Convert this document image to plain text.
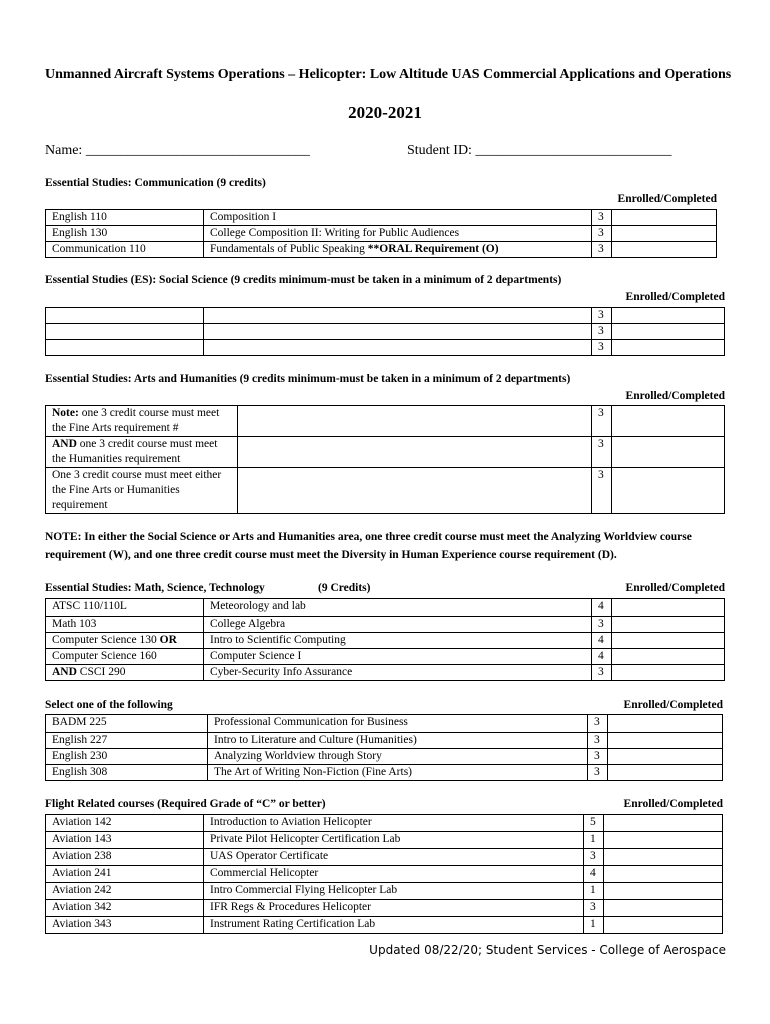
Unmanned Aircraft Systems Operations – Helicopter: Low Altitude UAS Commercial Applications and Operations
2020-2021
Name: ________________________________	Student ID: ____________________________
Essential Studies: Communication (9 credits)
Enrolled/Completed
English 110	Composition I	3	
English 130	College Composition II: Writing for Public Audiences	3	
Communication 110	Fundamentals of Public Speaking **ORAL Requirement (O)	3	
Essential Studies (ES): Social Science (9 credits minimum-must be taken in a minimum of 2 departments)
Enrolled/Completed
		3	
		3	
		3	
Essential Studies: Arts and Humanities (9 credits minimum-must be taken in a minimum of 2 departments)
Enrolled/Completed
Note: one 3 credit course must meet the Fine Arts requirement #		3	
AND one 3 credit course must meet the Humanities requirement		3	
One 3 credit course must meet either the Fine Arts or Humanities requirement		3	
NOTE: In either the Social Science or Arts and Humanities area, one three credit course must meet the Analyzing Worldview course requirement (W), and one three credit course must meet the Diversity in Human Experience course requirement (D).
Essential Studies: Math, Science, Technology	(9 Credits)	Enrolled/Completed
ATSC 110/110L	Meteorology and lab	4	
Math 103	College Algebra	3	
Computer Science 130 OR	Intro to Scientific Computing	4	
Computer Science 160	Computer Science I	4	
AND CSCI 290	Cyber-Security Info Assurance	3	
Select one of the following	Enrolled/Completed
BADM 225	Professional Communication for Business	3	
English 227	Intro to Literature and Culture (Humanities)	3	
English 230	Analyzing Worldview through Story	3	
English 308	The Art of Writing Non-Fiction (Fine Arts)	3	
Flight Related courses (Required Grade of “C” or better)	Enrolled/Completed
Aviation 142	Introduction to Aviation Helicopter	5	
Aviation 143	Private Pilot Helicopter Certification Lab	1	
Aviation 238	UAS Operator Certificate	3	
Aviation 241	Commercial Helicopter	4	
Aviation 242	Intro Commercial Flying Helicopter Lab	1	
Aviation 342	IFR Regs & Procedures Helicopter	3	
Aviation 343	Instrument Rating Certification Lab	1	
Updated 08/22/20; Student Services - College of Aerospace
